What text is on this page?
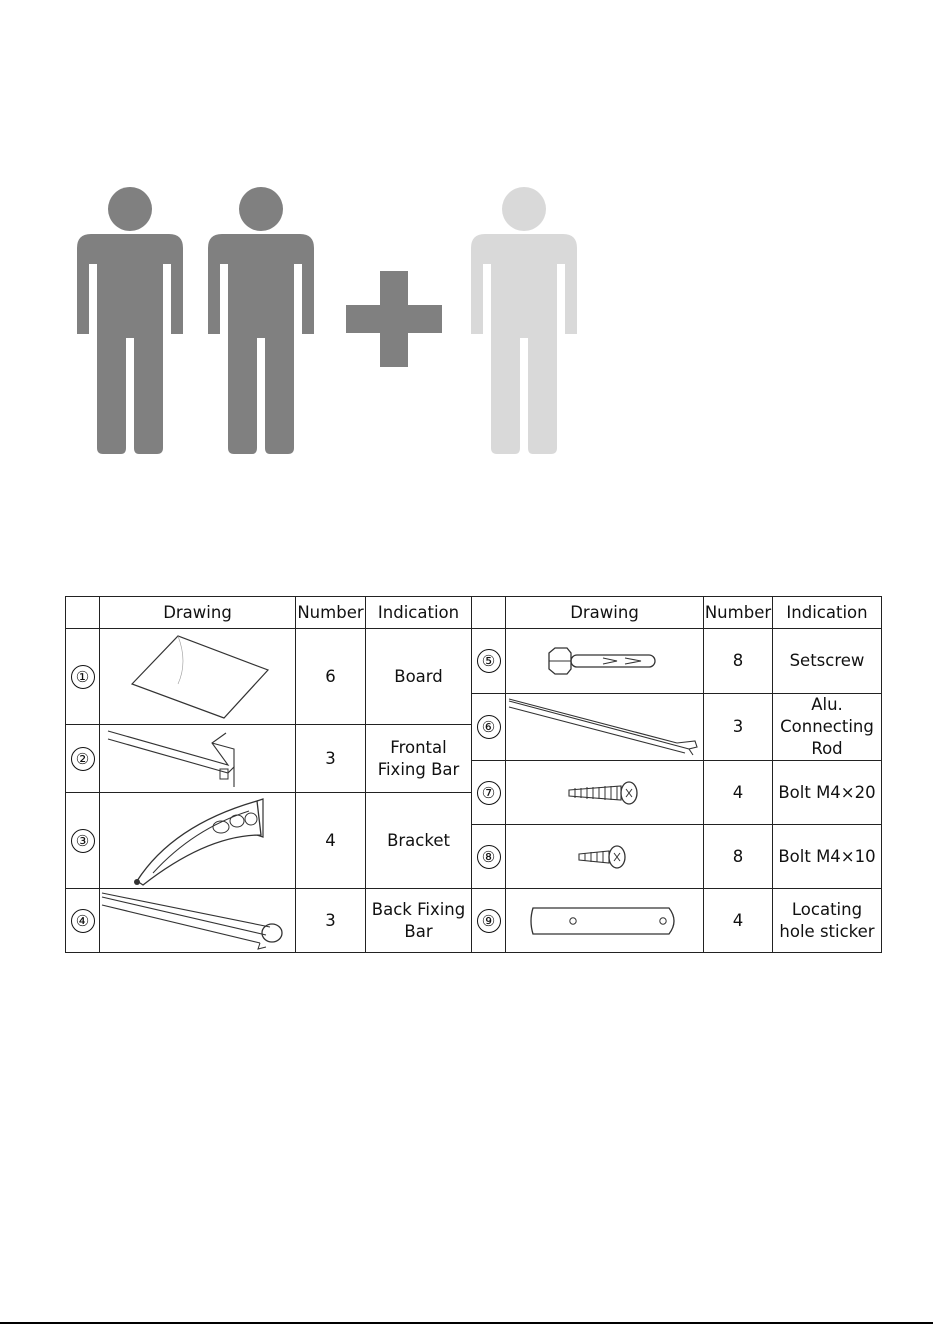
	Drawing	Number	Indication		Drawing	Number	Indication
①		6	Board	⑤		8	Setscrew
				⑥		3	Alu. Connecting Rod
②		3	Frontal Fixing Bar				
				⑦		4	Bolt M4×20
③		4	Bracket				
				⑧		8	Bolt M4×10

④		3	Back Fixing Bar	⑨		4	Locating hole sticker
